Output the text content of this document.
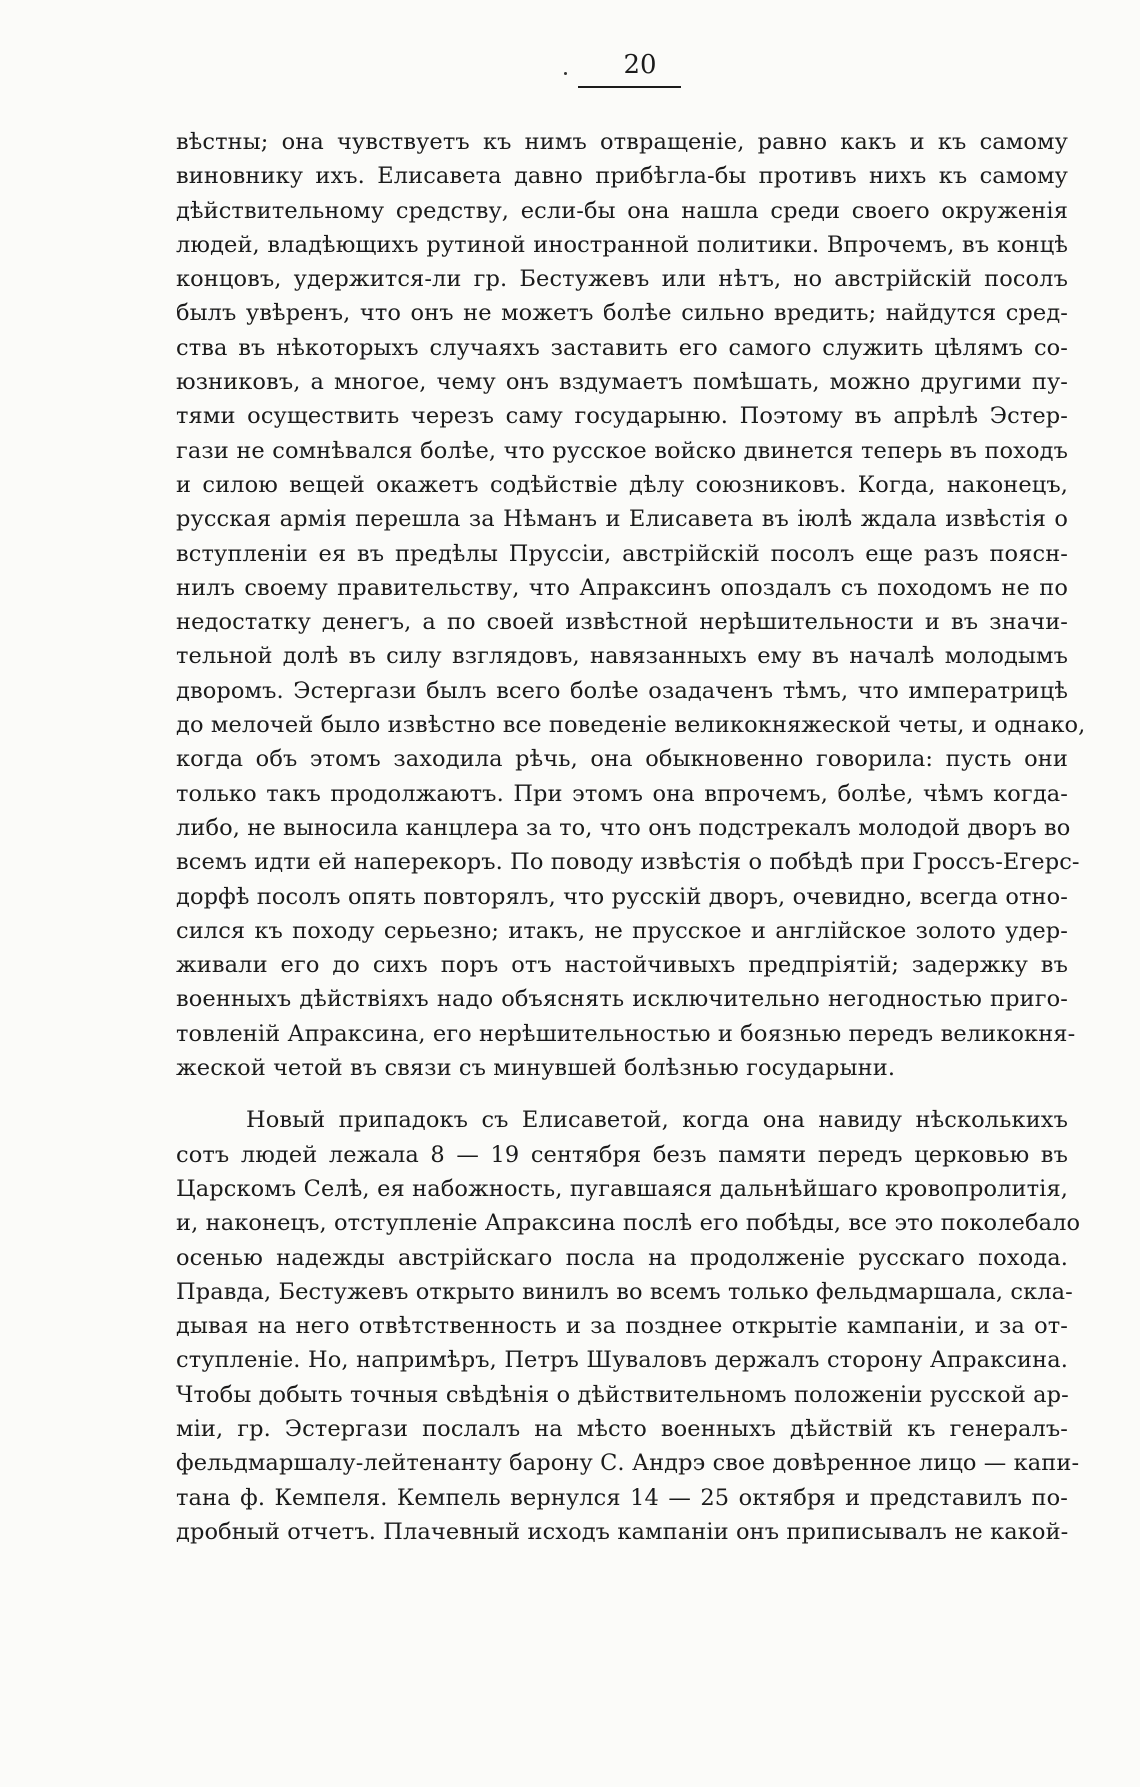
20
вѣстны; она чувствуетъ къ нимъ отвращеніе, равно какъ и къ самому
виновнику ихъ. Елисавета давно прибѣгла-бы противъ нихъ къ самому
дѣйствительному средству, если-бы она нашла среди своего окруженія
людей, владѣющихъ рутиной иностранной политики. Впрочемъ, въ концѣ
концовъ, удержится-ли гр. Бестужевъ или нѣтъ, но австрійскій посолъ
былъ увѣренъ, что онъ не можетъ болѣе сильно вредить; найдутся сред-
ства въ нѣкоторыхъ случаяхъ заставить его самого служить цѣлямъ со-
юзниковъ, а многое, чему онъ вздумаетъ помѣшать, можно другими пу-
тями осуществить черезъ саму государыню. Поэтому въ апрѣлѣ Эстер-
гази не сомнѣвался болѣе, что русское войско двинется теперь въ походъ
и силою вещей окажетъ содѣйствіе дѣлу союзниковъ. Когда, наконецъ,
русская армія перешла за Нѣманъ и Елисавета въ іюлѣ ждала извѣстія о
вступленіи ея въ предѣлы Пруссіи, австрійскій посолъ еще разъ поясн-
нилъ своему правительству, что Апраксинъ опоздалъ съ походомъ не по
недостатку денегъ, а по своей извѣстной нерѣшительности и въ значи-
тельной долѣ въ силу взглядовъ, навязанныхъ ему въ началѣ молодымъ
дворомъ. Эстергази былъ всего болѣе озадаченъ тѣмъ, что императрицѣ
до мелочей было извѣстно все поведеніе великокняжеской четы, и однако,
когда объ этомъ заходила рѣчь, она обыкновенно говорила: пусть они
только такъ продолжаютъ. При этомъ она впрочемъ, болѣе, чѣмъ когда-
либо, не выносила канцлера за то, что онъ подстрекалъ молодой дворъ во
всемъ идти ей наперекоръ. По поводу извѣстія о побѣдѣ при Гроссъ-Егерс-
дорфѣ посолъ опять повторялъ, что русскій дворъ, очевидно, всегда отно-
сился къ походу серьезно; итакъ, не прусское и англійское золото удер-
живали его до сихъ поръ отъ настойчивыхъ предпріятій; задержку въ
военныхъ дѣйствіяхъ надо объяснять исключительно негодностью приго-
товленій Апраксина, его нерѣшительностью и боязнью передъ великокня-
жеской четой въ связи съ минувшей болѣзнью государыни.
Новый припадокъ съ Елисаветой, когда она навиду нѣсколькихъ
сотъ людей лежала 8 — 19 сентября безъ памяти передъ церковью въ
Царскомъ Селѣ, ея набожность, пугавшаяся дальнѣйшаго кровопролитія,
и, наконецъ, отступленіе Апраксина послѣ его побѣды, все это поколебало
осенью надежды австрійскаго посла на продолженіе русскаго похода.
Правда, Бестужевъ открыто винилъ во всемъ только фельдмаршала, скла-
дывая на него отвѣтственность и за позднее открытіе кампаніи, и за от-
ступленіе. Но, напримѣръ, Петръ Шуваловъ держалъ сторону Апраксина.
Чтобы добыть точныя свѣдѣнія о дѣйствительномъ положеніи русской ар-
міи, гр. Эстергази послалъ на мѣсто военныхъ дѣйствій къ генералъ-
фельдмаршалу-лейтенанту барону С. Андрэ свое довѣренное лицо — капи-
тана ф. Кемпеля. Кемпель вернулся 14 — 25 октября и представилъ по-
дробный отчетъ. Плачевный исходъ кампаніи онъ приписывалъ не какой-
